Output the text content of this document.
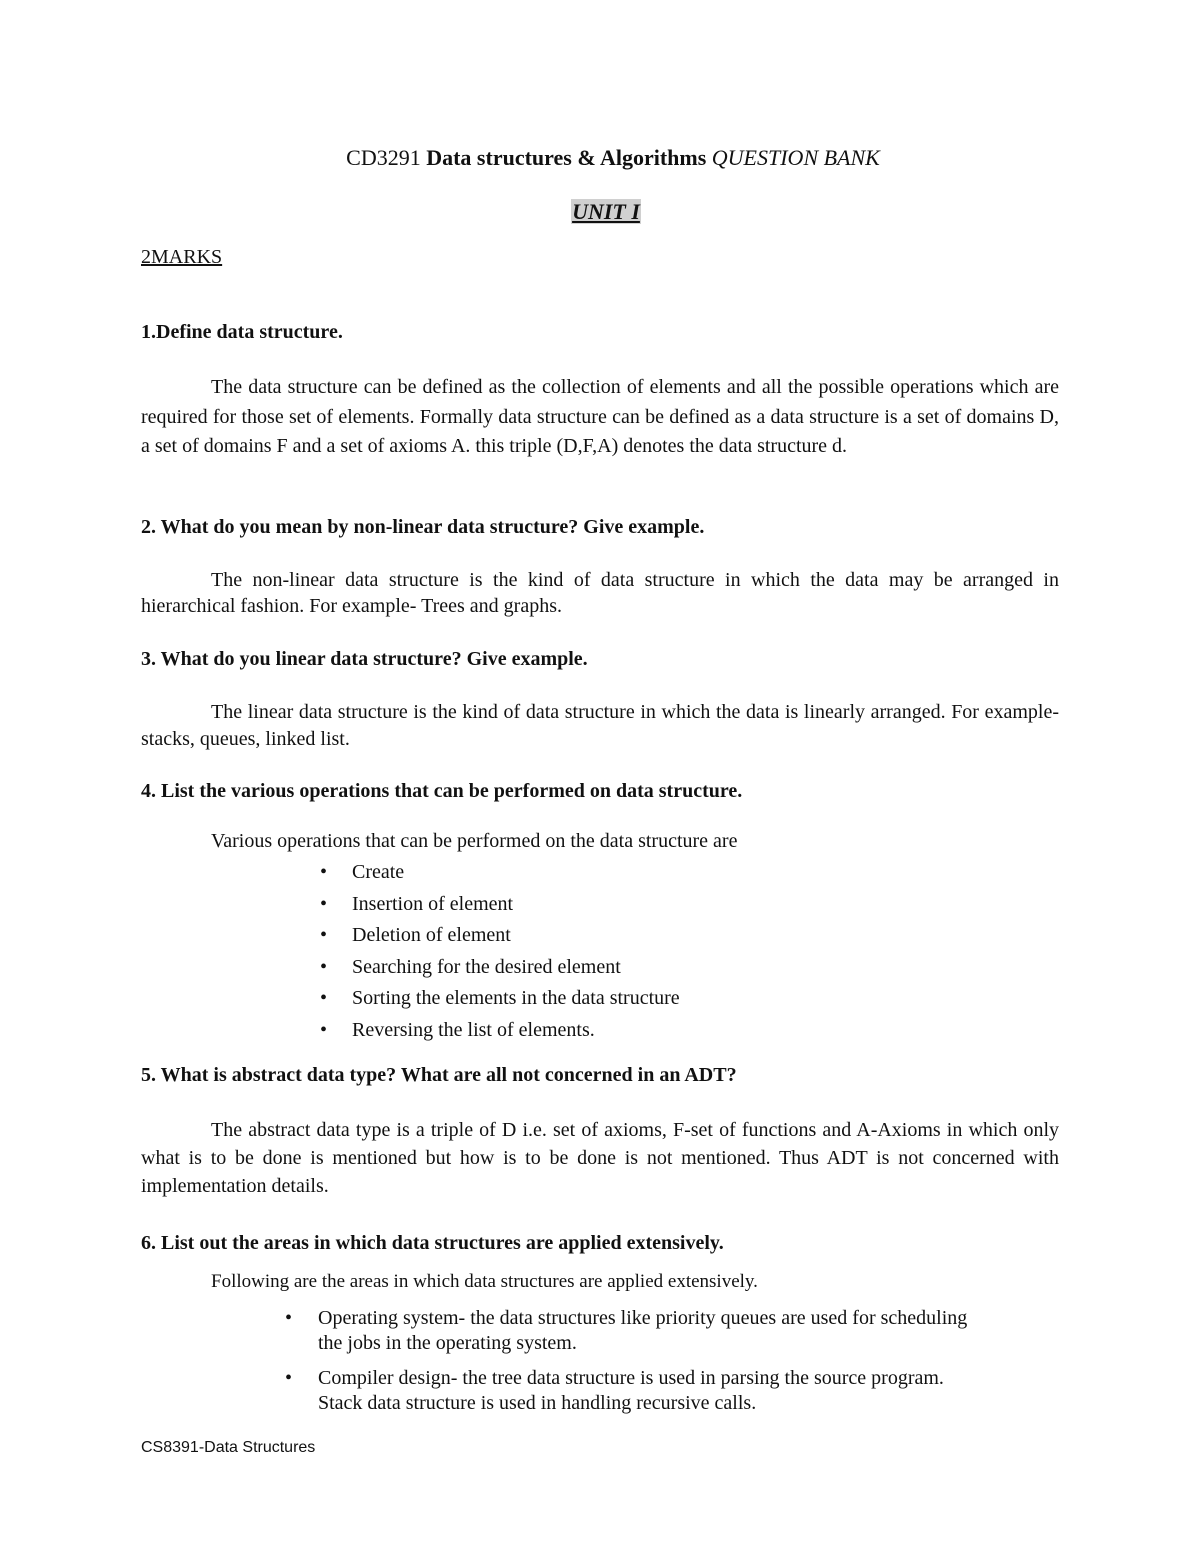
CD3291 Data structures & Algorithms QUESTION BANK

UNIT I

2MARKS

1.Define data structure.

The data structure can be defined as the collection of elements and all the possible operations which are required for those set of elements. Formally data structure can be defined as a data structure is a set of domains D, a set of domains F and a set of axioms A. this triple (D,F,A) denotes the data structure d.

2. What do you mean by non-linear data structure? Give example.

The non-linear data structure is the kind of data structure in which the data may be arranged in hierarchical fashion. For example- Trees and graphs.

3. What do you linear data structure? Give example.

The linear data structure is the kind of data structure in which the data is linearly arranged. For example- stacks, queues, linked list.

4. List the various operations that can be performed on data structure.

Various operations that can be performed on the data structure are

• Create
• Insertion of element
• Deletion of element
• Searching for the desired element
• Sorting the elements in the data structure
• Reversing the list of elements.

5. What is abstract data type? What are all not concerned in an ADT?

The abstract data type is a triple of D i.e. set of axioms, F-set of functions and A-Axioms in which only what is to be done is mentioned but how is to be done is not mentioned. Thus ADT is not concerned with implementation details.

6. List out the areas in which data structures are applied extensively.

Following are the areas in which data structures are applied extensively.

• Operating system- the data structures like priority queues are used for scheduling the jobs in the operating system.
• Compiler design- the tree data structure is used in parsing the source program. Stack data structure is used in handling recursive calls.

CS8391-Data Structures
